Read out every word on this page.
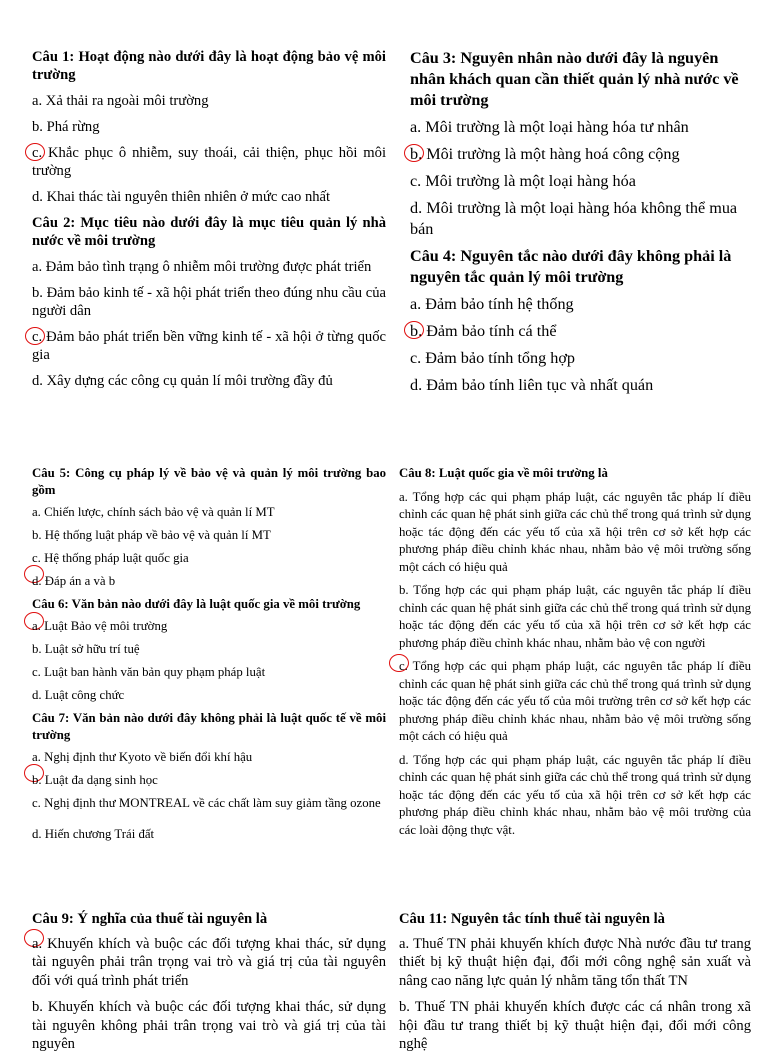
Câu 1: Hoạt động nào dưới đây là hoạt động bảo vệ môi trường

a. Xả thải ra ngoài môi trường

b. Phá rừng

c. Khắc phục ô nhiễm, suy thoái, cải thiện, phục hồi môi trường

d. Khai thác tài nguyên thiên nhiên ở mức cao nhất

Câu 2: Mục tiêu nào dưới đây là mục tiêu quản lý nhà nước về môi trường

a. Đảm bảo tình trạng ô nhiễm môi trường được phát triển

b. Đảm bảo kinh tế - xã hội phát triển theo đúng nhu cầu của người dân

c. Đảm bảo phát triển bền vững kinh tế - xã hội ở từng quốc gia

d. Xây dựng các công cụ quản lí môi trường đầy đủ

Câu 3: Nguyên nhân nào dưới đây là nguyên nhân khách quan cần thiết quản lý nhà nước về môi trường

a. Môi trường là một loại hàng hóa tư nhân

b. Môi trường là một hàng hoá công cộng

c. Môi trường là một loại hàng hóa

d. Môi trường là một loại hàng hóa không thể mua bán

Câu 4: Nguyên tắc nào dưới đây không phải là nguyên tắc quản lý môi trường

a. Đảm bảo tính hệ thống

b. Đảm bảo tính cá thể

c. Đảm bảo tính tổng hợp

d. Đảm bảo tính liên tục và nhất quán

Câu 5: Công cụ pháp lý về bảo vệ và quản lý môi trường bao gồm

a. Chiến lược, chính sách bảo vệ và quản lí MT

b. Hệ thống luật pháp về bảo vệ và quản lí MT

c. Hệ thống pháp luật quốc gia

d. Đáp án a và b

Câu 6: Văn bản nào dưới đây là luật quốc gia về môi trường

a. Luật Bảo vệ môi trường

b. Luật sở hữu trí tuệ

c. Luật ban hành văn bản quy phạm pháp luật

d. Luật công chức

Câu 7: Văn bản nào dưới đây không phải là luật quốc tế về môi trường

a. Nghị định thư Kyoto về biến đổi khí hậu

b. Luật đa dạng sinh học

c. Nghị định thư MONTREAL về các chất làm suy giảm tầng ozone

d. Hiến chương Trái đất

Câu 8: Luật quốc gia về môi trường là

a. Tổng hợp các qui phạm pháp luật, các nguyên tắc pháp lí điều chỉnh các quan hệ phát sinh giữa các chủ thể trong quá trình sử dụng hoặc tác động đến các yếu tố của xã hội trên cơ sở kết hợp các phương pháp điều chỉnh khác nhau, nhằm bảo vệ môi trường sống một cách có hiệu quả

b. Tổng hợp các qui phạm pháp luật, các nguyên tắc pháp lí điều chỉnh các quan hệ phát sinh giữa các chủ thể trong quá trình sử dụng hoặc tác động đến các yếu tố của xã hội trên cơ sở kết hợp các phương pháp điều chỉnh khác nhau, nhằm bảo vệ con người

c. Tổng hợp các qui phạm pháp luật, các nguyên tắc pháp lí điều chỉnh các quan hệ phát sinh giữa các chủ thể trong quá trình sử dụng hoặc tác động đến các yếu tố của môi trường trên cơ sở kết hợp các phương pháp điều chỉnh khác nhau, nhằm bảo vệ môi trường sống một cách có hiệu quả

d. Tổng hợp các qui phạm pháp luật, các nguyên tắc pháp lí điều chỉnh các quan hệ phát sinh giữa các chủ thể trong quá trình sử dụng hoặc tác động đến các yếu tố của xã hội trên cơ sở kết hợp các phương pháp điều chỉnh khác nhau, nhằm bảo vệ môi trường của các loài động thực vật.

Câu 9: Ý nghĩa của thuế tài nguyên là

a. Khuyến khích và buộc các đối tượng khai thác, sử dụng tài nguyên phải trân trọng vai trò và giá trị của tài nguyên đối với quá trình phát triển

b. Khuyến khích và buộc các đối tượng khai thác, sử dụng tài nguyên không phải trân trọng vai trò và giá trị của tài nguyên

Câu 11: Nguyên tắc tính thuế tài nguyên là

a. Thuế TN phải khuyến khích được Nhà nước đầu tư trang thiết bị kỹ thuật hiện đại, đổi mới công nghệ sản xuất và nâng cao năng lực quản lý nhằm tăng tổn thất TN

b. Thuế TN phải khuyến khích được các cá nhân trong xã hội đầu tư trang thiết bị kỹ thuật hiện đại, đổi mới công nghệ
